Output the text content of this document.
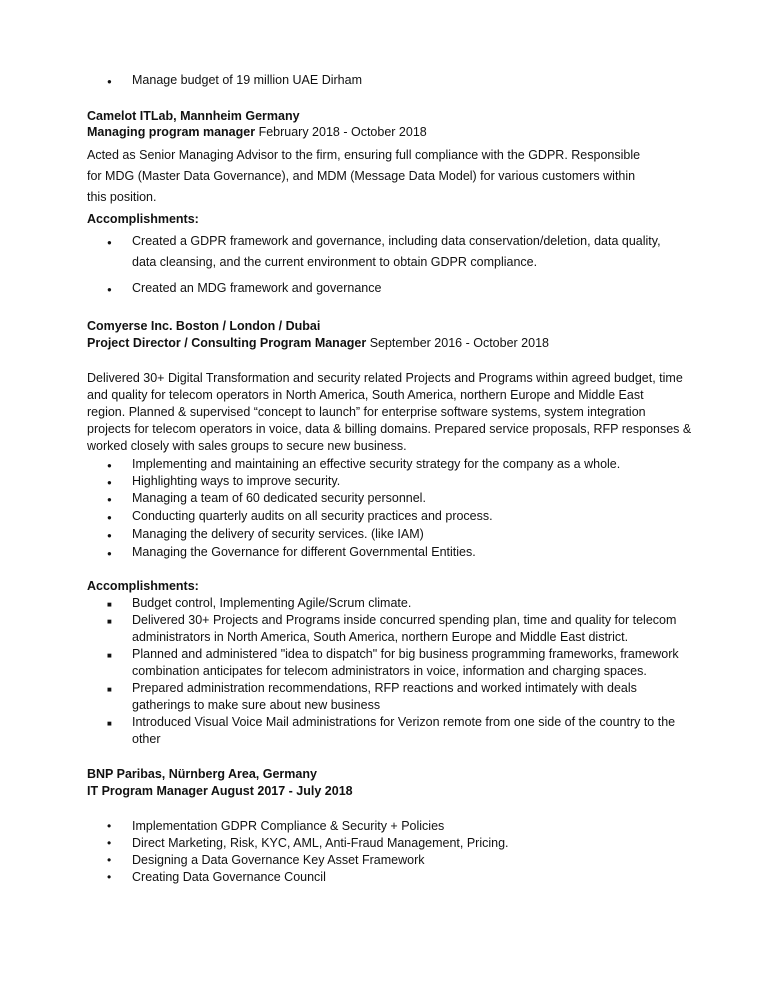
●
Manage budget of 19 million UAE Dirham
Camelot ITLab, Mannheim Germany
Managing program manager February 2018 - October 2018
Acted as Senior Managing Advisor to the firm, ensuring full compliance with the GDPR. Responsible
for MDG (Master Data Governance), and MDM (Message Data Model) for various customers within
this position.
Accomplishments:
●
Created a GDPR framework and governance, including data conservation/deletion, data quality,
data cleansing, and the current environment to obtain GDPR compliance.
●
Created an MDG framework and governance
Comyerse Inc. Boston / London / Dubai
Project Director / Consulting Program Manager September 2016 - October 2018
Delivered 30+ Digital Transformation and security related Projects and Programs within agreed budget, time
and quality for telecom operators in North America, South America, northern Europe and Middle East
region. Planned & supervised “concept to launch” for enterprise software systems, system integration
projects for telecom operators in voice, data & billing domains. Prepared service proposals, RFP responses &
worked closely with sales groups to secure new business.
●
Implementing and maintaining an effective security strategy for the company as a whole.
●
Highlighting ways to improve security.
●
Managing a team of 60 dedicated security personnel.
●
Conducting quarterly audits on all security practices and process.
●
Managing the delivery of security services. (like IAM)
●
Managing the Governance for different Governmental Entities.
Accomplishments:
■
Budget control, Implementing Agile/Scrum climate.
■
Delivered 30+ Projects and Programs inside concurred spending plan, time and quality for telecom
administrators in North America, South America, northern Europe and Middle East district.
■
Planned and administered "idea to dispatch" for big business programming frameworks, framework
combination anticipates for telecom administrators in voice, information and charging spaces.
■
Prepared administration recommendations, RFP reactions and worked intimately with deals
gatherings to make sure about new business
■
Introduced Visual Voice Mail administrations for Verizon remote from one side of the country to the
other
BNP Paribas, Nürnberg Area, Germany
IT Program Manager August 2017 - July 2018
•
Implementation GDPR Compliance & Security + Policies
•
Direct Marketing, Risk, KYC, AML, Anti-Fraud Management, Pricing.
•
Designing a Data Governance Key Asset Framework
•
Creating Data Governance Council
